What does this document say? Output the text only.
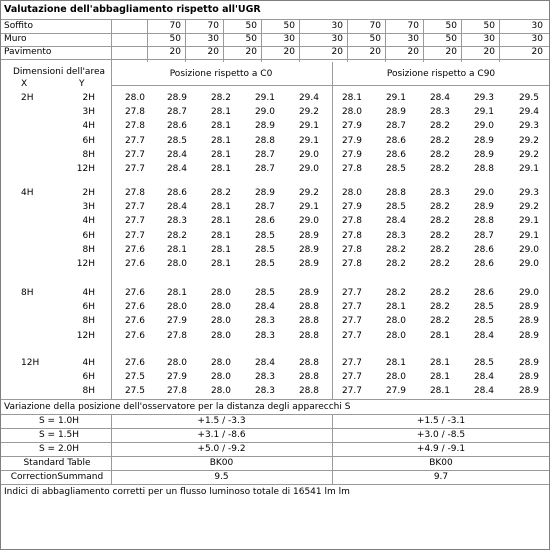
Valutazione dell'abbagliamento rispetto all'UGR
Soffito	70	70	50	50	30	70	70	50	50	30
Muro	50	30	50	30	30	50	30	50	30	30
Pavimento	20	20	20	20	20	20	20	20	20	20
Dimensioni dell'area
X	Y
Posizione rispetto a C0	Posizione rispetto a C90
2H	2H	28.0	28.9	28.2	29.1	29.4	28.1	29.1	28.4	29.3	29.5
3H	27.8	28.7	28.1	29.0	29.2	28.0	28.9	28.3	29.1	29.4
4H	27.8	28.6	28.1	28.9	29.1	27.9	28.7	28.2	29.0	29.3
6H	27.7	28.5	28.1	28.8	29.1	27.9	28.6	28.2	28.9	29.2
8H	27.7	28.4	28.1	28.7	29.0	27.9	28.6	28.2	28.9	29.2
12H	27.7	28.4	28.1	28.7	29.0	27.8	28.5	28.2	28.8	29.1
4H	2H	27.8	28.6	28.2	28.9	29.2	28.0	28.8	28.3	29.0	29.3
3H	27.7	28.4	28.1	28.7	29.1	27.9	28.5	28.2	28.9	29.2
4H	27.7	28.3	28.1	28.6	29.0	27.8	28.4	28.2	28.8	29.1
6H	27.7	28.2	28.1	28.5	28.9	27.8	28.3	28.2	28.7	29.1
8H	27.6	28.1	28.1	28.5	28.9	27.8	28.2	28.2	28.6	29.0
12H	27.6	28.0	28.1	28.5	28.9	27.8	28.2	28.2	28.6	29.0
8H	4H	27.6	28.1	28.0	28.5	28.9	27.7	28.2	28.2	28.6	29.0
6H	27.6	28.0	28.0	28.4	28.8	27.7	28.1	28.2	28.5	28.9
8H	27.6	27.9	28.0	28.3	28.8	27.7	28.0	28.2	28.5	28.9
12H	27.6	27.8	28.0	28.3	28.8	27.7	28.0	28.1	28.4	28.9
12H	4H	27.6	28.0	28.0	28.4	28.8	27.7	28.1	28.1	28.5	28.9
6H	27.5	27.9	28.0	28.3	28.8	27.7	28.0	28.1	28.4	28.9
8H	27.5	27.8	28.0	28.3	28.8	27.7	27.9	28.1	28.4	28.9
Variazione della posizione dell'osservatore per la distanza degli apparecchi S
S = 1.0H	+1.5 / -3.3	+1.5 / -3.1
S = 1.5H	+3.1 / -8.6	+3.0 / -8.5
S = 2.0H	+5.0 / -9.2	+4.9 / -9.1
Standard Table	BK00	BK00
CorrectionSummand	9.5	9.7
Indici di abbagliamento corretti per un flusso luminoso totale di 16541 lm lm
